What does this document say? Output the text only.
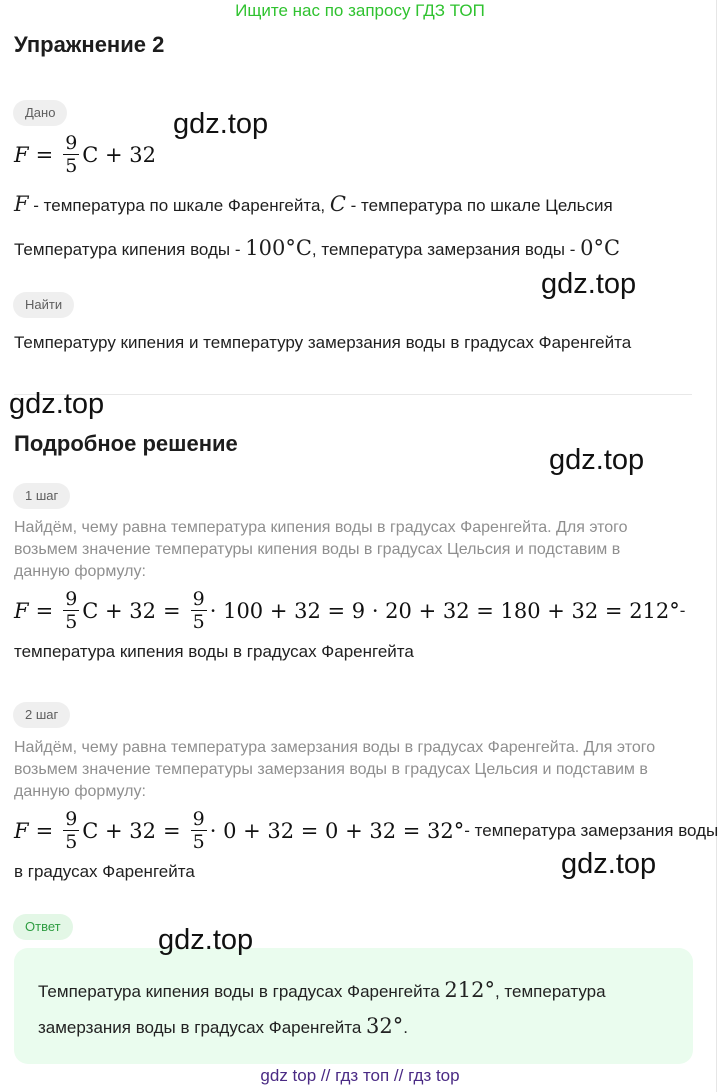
Ищите нас по запросу ГДЗ ТОП
Упражнение 2
Дано
$F = \frac{9}{5}$ C + 32
F - температура по шкале Фаренгейта, C - температура по шкале Цельсия
Температура кипения воды - 100°C, температура замерзания воды - 0°C
Найти
Температуру кипения и температуру замерзания воды в градусах Фаренгейта
Подробное решение
1 шаг
Найдём, чему равна температура кипения воды в градусах Фаренгейта. Для этого
возьмем значение температуры кипения воды в градусах Цельсия и подставим в
данную формулу:
$F = \frac{9}{5}$ $C + 32 = \frac{9}{5} \cdot 100 + 32 = 9 \cdot 20 + 32 = 180 + 32 = 212^\circ$ -
температура кипения воды в градусах Фаренгейта
2 шаг
Найдём, чему равна температура замерзания воды в градусах Фаренгейта. Для этого
возьмем значение температуры замерзания воды в градусах Цельсия и подставим в
данную формулу:
$F = \frac{9}{5}$ $C + 32 = \frac{9}{5} \cdot 0 + 32 = 0 + 32 = 32^\circ$ - температура замерзания воды
в градусах Фаренгейта
Ответ
Температура кипения воды в градусах Фаренгейта 212°, температура
замерзания воды в градусах Фаренгейта 32°.
gdz.top
gdz.top
gdz.top
gdz.top
gdz.top
gdz.top
gdz top // гдз топ // гдз top
